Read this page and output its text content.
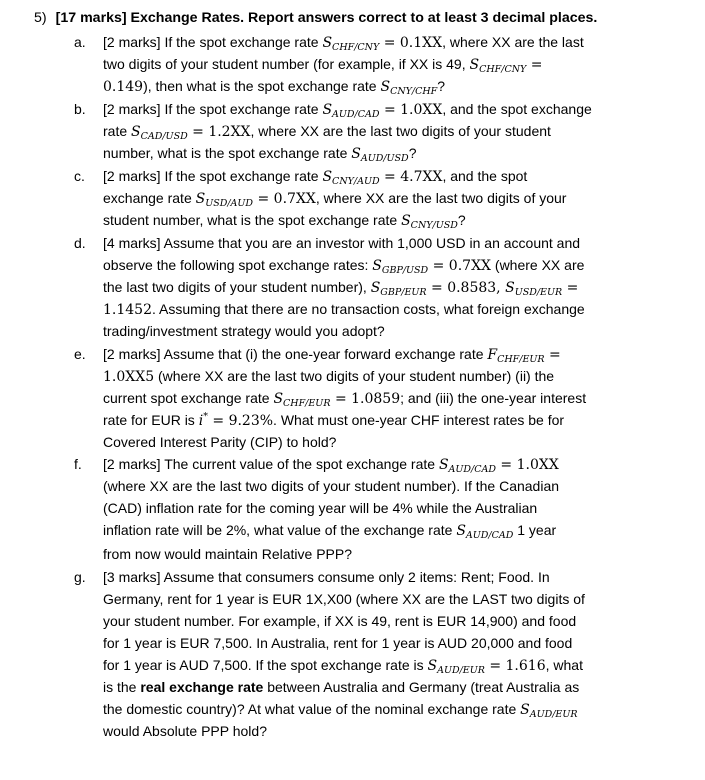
5) [17 marks] Exchange Rates. Report answers correct to at least 3 decimal places.
a. [2 marks] If the spot exchange rate $S_{CHF/CNY} = 0.1XX$, where XX are the last
two digits of your student number (for example, if XX is 49, $S_{CHF/CNY}$ =
0.149), then what is the spot exchange rate $S_{CNY/CHF}$?
b. [2 marks] If the spot exchange rate $S_{AUD/CAD} = 1.0XX$, and the spot exchange
rate $S_{CAD/USD} = 1.2XX$, where XX are the last two digits of your student
number, what is the spot exchange rate $S_{AUD/USD}$?
c. [2 marks] If the spot exchange rate $S_{CNY/AUD} = 4.7XX$, and the spot
exchange rate $S_{USD/AUD} = 0.7XX$, where XX are the last two digits of your
student number, what is the spot exchange rate $S_{CNY/USD}$?
d. [4 marks] Assume that you are an investor with 1,000 USD in an account and
observe the following spot exchange rates: $S_{GBP/USD} = 0.7XX$ (where XX are
the last two digits of your student number), $S_{GBP/EUR} = 0.8583$, $S_{USD/EUR}$ =
1.1452. Assuming that there are no transaction costs, what foreign exchange
trading/investment strategy would you adopt?
e. [2 marks] Assume that (i) the one-year forward exchange rate $F_{CHF/EUR}$ =
1.0XX5 (where XX are the last two digits of your student number) (ii) the
current spot exchange rate $S_{CHF/EUR} = 1.0859$; and (iii) the one-year interest
rate for EUR is i* = 9.23%. What must one-year CHF interest rates be for
Covered Interest Parity (CIP) to hold?
f. [2 marks] The current value of the spot exchange rate $S_{AUD/CAD} = 1.0XX$
(where XX are the last two digits of your student number). If the Canadian
(CAD) inflation rate for the coming year will be 4% while the Australian
inflation rate will be 2%, what value of the exchange rate $S_{AUD/CAD}$ 1 year
from now would maintain Relative PPP?
g. [3 marks] Assume that consumers consume only 2 items: Rent; Food. In
Germany, rent for 1 year is EUR 1X,X00 (where XX are the LAST two digits of
your student number. For example, if XX is 49, rent is EUR 14,900) and food
for 1 year is EUR 7,500. In Australia, rent for 1 year is AUD 20,000 and food
for 1 year is AUD 7,500. If the spot exchange rate is $S_{AUD/EUR} = 1.616$, what
is the real exchange rate between Australia and Germany (treat Australia as
the domestic country)? At what value of the nominal exchange rate $S_{AUD/EUR}$
would Absolute PPP hold?
